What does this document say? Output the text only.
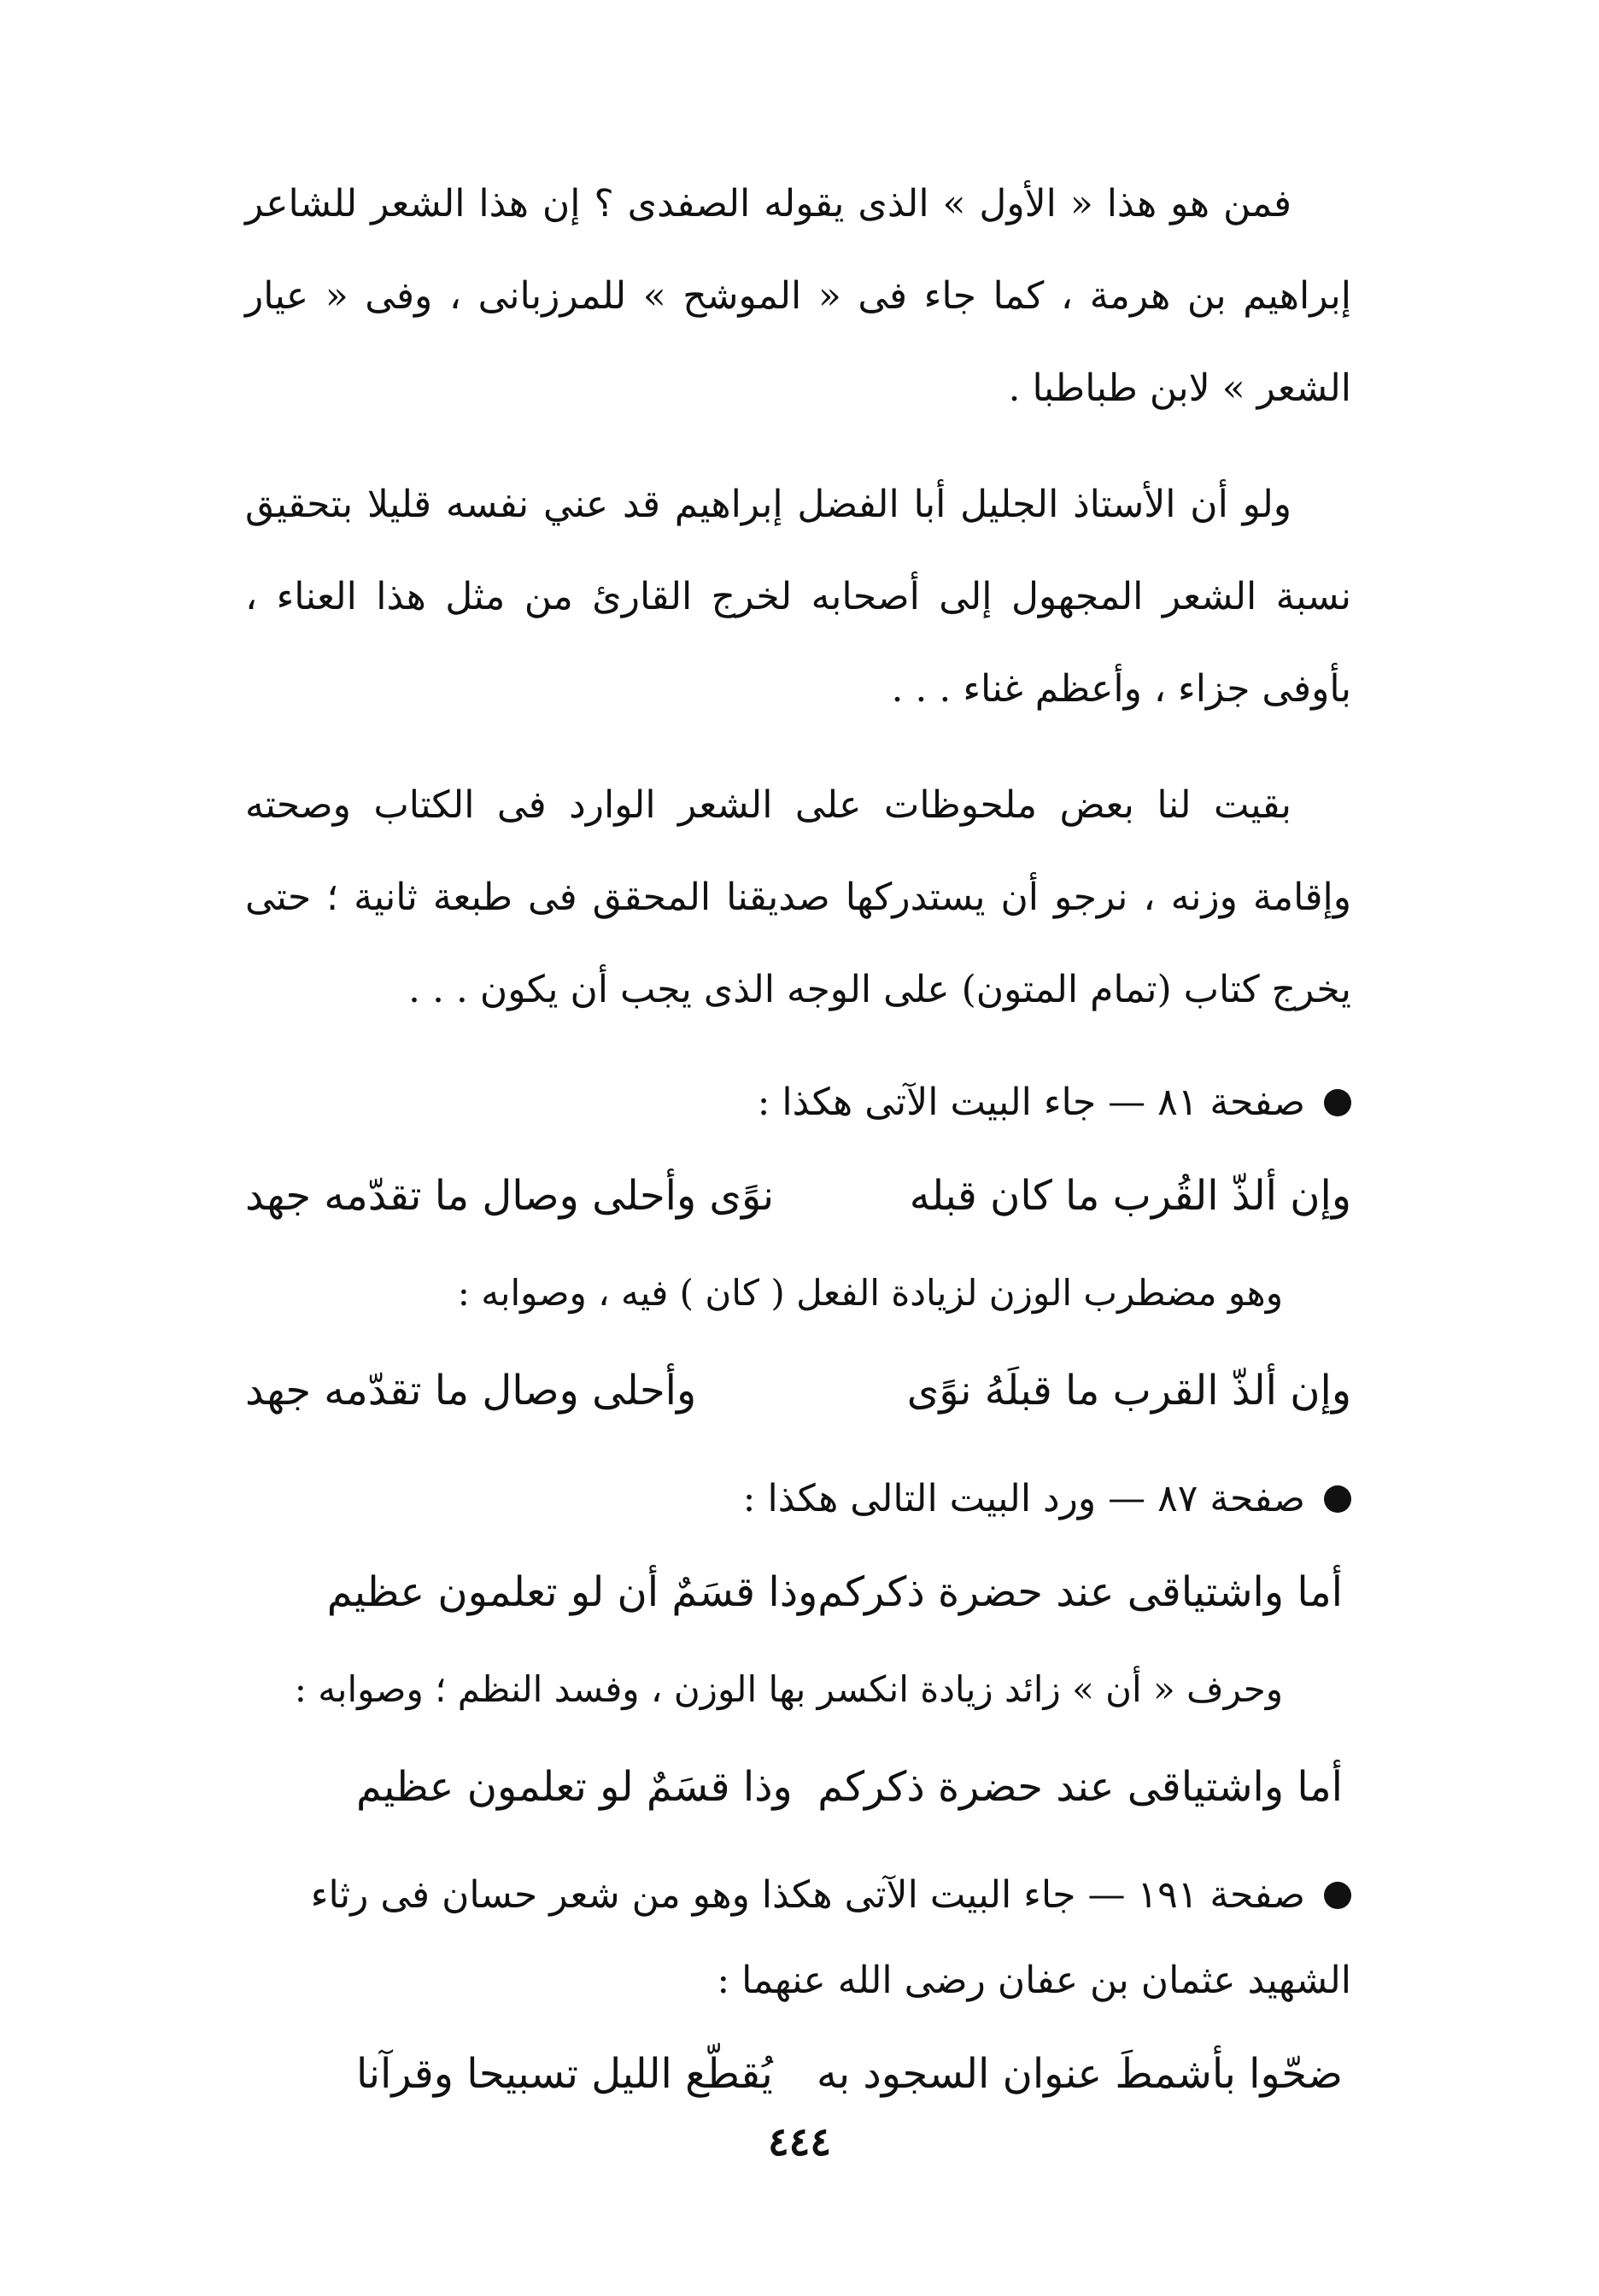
فمن هو هذا « الأول » الذى يقوله الصفدى ؟ إن هذا الشعر للشاعر إبراهيم بن هرمة ، كما جاء فى « الموشح » للمرزبانى ، وفى « عيار الشعر » لابن طباطبا .

ولو أن الأستاذ الجليل أبا الفضل إبراهيم قد عني نفسه قليلا بتحقيق نسبة الشعر المجهول إلى أصحابه لخرج القارئ من مثل هذا العناء ، بأوفى جزاء ، وأعظم غناء . . .

بقيت لنا بعض ملحوظات على الشعر الوارد فى الكتاب وصحته وإقامة وزنه ، نرجو أن يستدركها صديقنا المحقق فى طبعة ثانية ؛ حتى يخرج كتاب (تمام المتون) على الوجه الذى يجب أن يكون . . .

صفحة ٨١ — جاء البيت الآتى هكذا :
وإن ألذّ القُرب ما كان قبله
نوًى وأحلى وصال ما تقدّمه جهد

وهو مضطرب الوزن لزيادة الفعل ( كان ) فيه ، وصوابه :

وإن ألذّ القرب ما قبلَهُ نوًى
وأحلى وصال ما تقدّمه جهد
صفحة ٨٧ — ورد البيت التالى هكذا :
أما واشتياقى عند حضرة ذكركم
وذا قسَمٌ أن لو تعلمون عظيم

وحرف « أن » زائد زيادة انكسر بها الوزن ، وفسد النظم ؛ وصوابه :

أما واشتياقى عند حضرة ذكركم
وذا قسَمٌ لو تعلمون عظيم
صفحة ١٩١ — جاء البيت الآتى هكذا وهو من شعر حسان فى رثاء

الشهيد عثمان بن عفان رضى الله عنهما :

ضحّوا بأشمطَ عنوان السجود به
يُقطّع الليل تسبيحا وقرآنا
٤٤٤
